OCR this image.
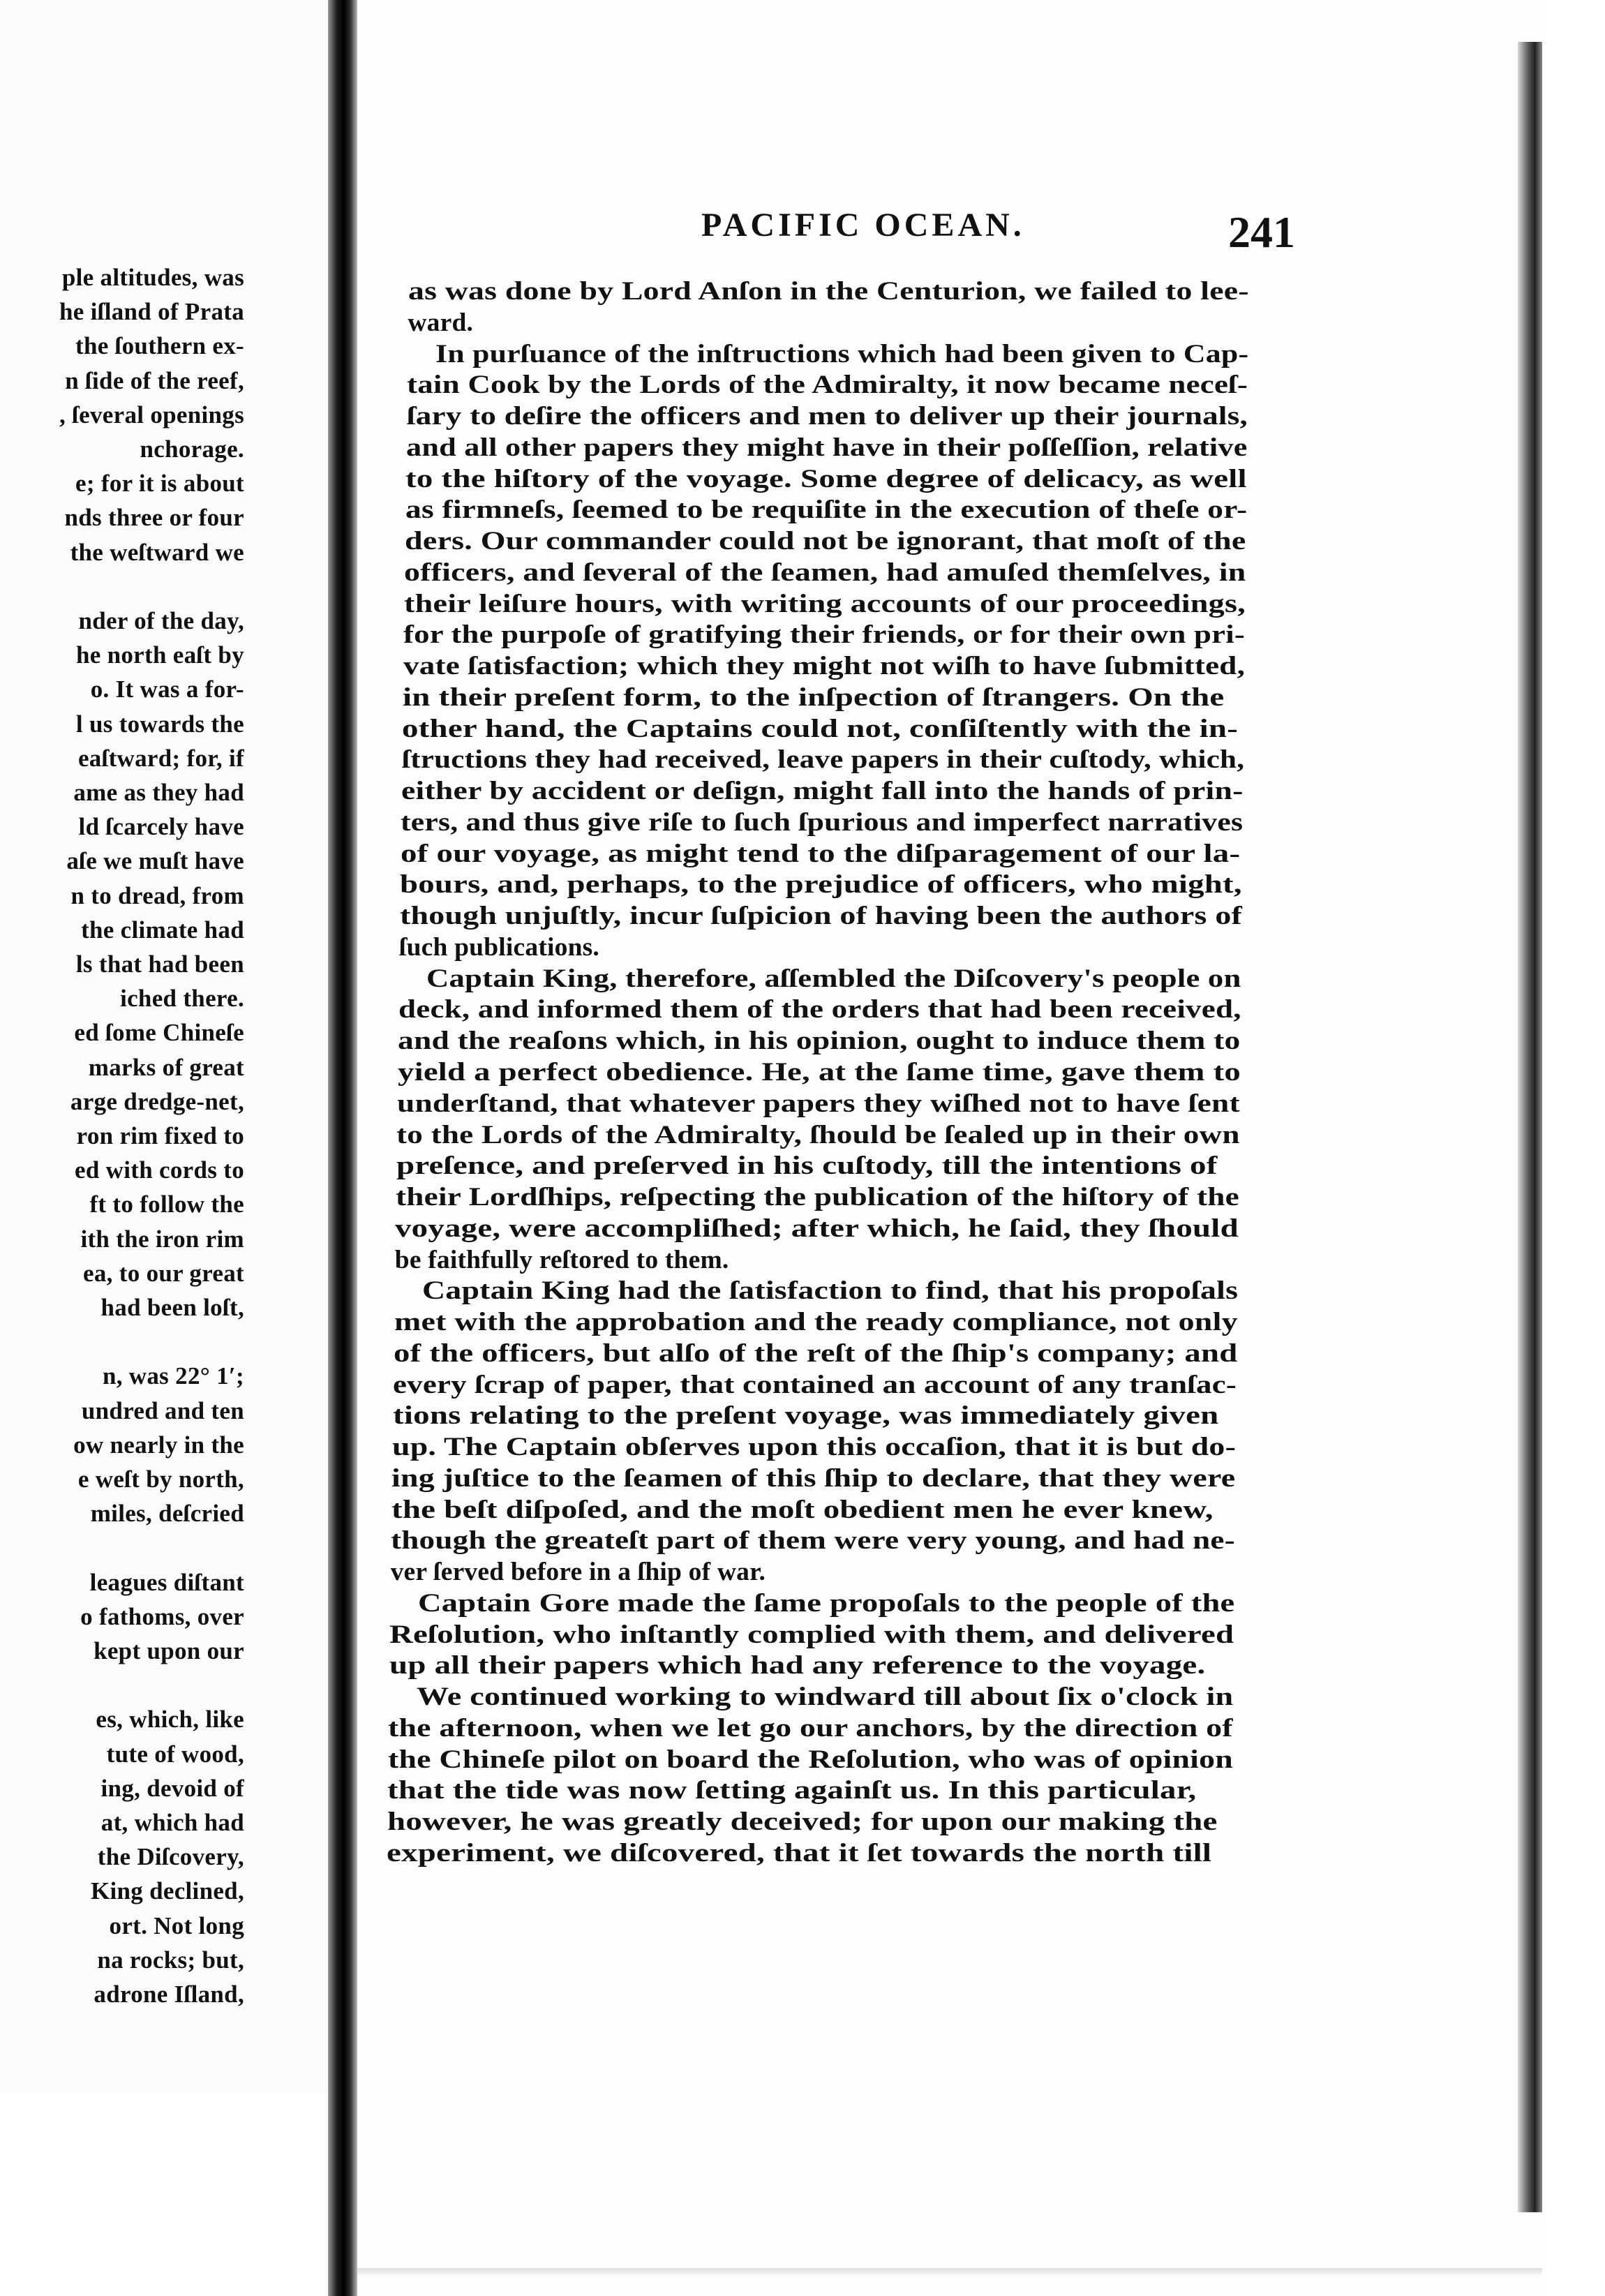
ple altitudes, was
he iſland of Prata
the ſouthern ex-
n ſide of the reef,
, ſeveral openings
nchorage.
e; for it is about
nds three or four
the weſtward we
nder of the day,
he north eaſt by
o. It was a for-
l us towards the
eaſtward; for, if
ame as they had
ld ſcarcely have
aſe we muſt have
n to dread, from
the climate had
ls that had been
iched there.
ed ſome Chineſe
marks of great
arge dredge-net,
ron rim fixed to
ed with cords to
ft to follow the
ith the iron rim
ea, to our great
had been loſt,
n, was 22° 1′;
undred and ten
ow nearly in the
e weſt by north,
miles, deſcried
leagues diſtant
o fathoms, over
kept upon our
es, which, like
tute of wood,
ing, devoid of
at, which had
the Diſcovery,
King declined,
ort. Not long
na rocks; but,
adrone Iſland,
PACIFIC OCEAN.	241
as was done by Lord Anſon in the Centurion, we failed to lee-
ward.
In purſuance of the inſtructions which had been given to Cap-
tain Cook by the Lords of the Admiralty, it now became neceſ-
ſary to deſire the officers and men to deliver up their journals,
and all other papers they might have in their poſſeſſion, relative
to the hiſtory of the voyage. Some degree of delicacy, as well
as firmneſs, ſeemed to be requiſite in the execution of theſe or-
ders. Our commander could not be ignorant, that moſt of the
officers, and ſeveral of the ſeamen, had amuſed themſelves, in
their leiſure hours, with writing accounts of our proceedings,
for the purpoſe of gratifying their friends, or for their own pri-
vate ſatisfaction; which they might not wiſh to have ſubmitted,
in their preſent form, to the inſpection of ſtrangers. On the
other hand, the Captains could not, conſiſtently with the in-
ſtructions they had received, leave papers in their cuſtody, which,
either by accident or deſign, might fall into the hands of prin-
ters, and thus give riſe to ſuch ſpurious and imperfect narratives
of our voyage, as might tend to the diſparagement of our la-
bours, and, perhaps, to the prejudice of officers, who might,
though unjuſtly, incur ſuſpicion of having been the authors of
ſuch publications.
Captain King, therefore, aſſembled the Diſcovery's people on
deck, and informed them of the orders that had been received,
and the reaſons which, in his opinion, ought to induce them to
yield a perfect obedience. He, at the ſame time, gave them to
underſtand, that whatever papers they wiſhed not to have ſent
to the Lords of the Admiralty, ſhould be ſealed up in their own
preſence, and preſerved in his cuſtody, till the intentions of
their Lordſhips, reſpecting the publication of the hiſtory of the
voyage, were accompliſhed; after which, he ſaid, they ſhould
be faithfully reſtored to them.
Captain King had the ſatisfaction to find, that his propoſals
met with the approbation and the ready compliance, not only
of the officers, but alſo of the reſt of the ſhip's company; and
every ſcrap of paper, that contained an account of any tranſac-
tions relating to the preſent voyage, was immediately given
up. The Captain obſerves upon this occaſion, that it is but do-
ing juſtice to the ſeamen of this ſhip to declare, that they were
the beſt diſpoſed, and the moſt obedient men he ever knew,
though the greateſt part of them were very young, and had ne-
ver ſerved before in a ſhip of war.
Captain Gore made the ſame propoſals to the people of the
Reſolution, who inſtantly complied with them, and delivered
up all their papers which had any reference to the voyage.
We continued working to windward till about ſix o'clock in
the afternoon, when we let go our anchors, by the direction of
the Chineſe pilot on board the Reſolution, who was of opinion
that the tide was now ſetting againſt us. In this particular,
however, he was greatly deceived; for upon our making the
experiment, we diſcovered, that it ſet towards the north till
